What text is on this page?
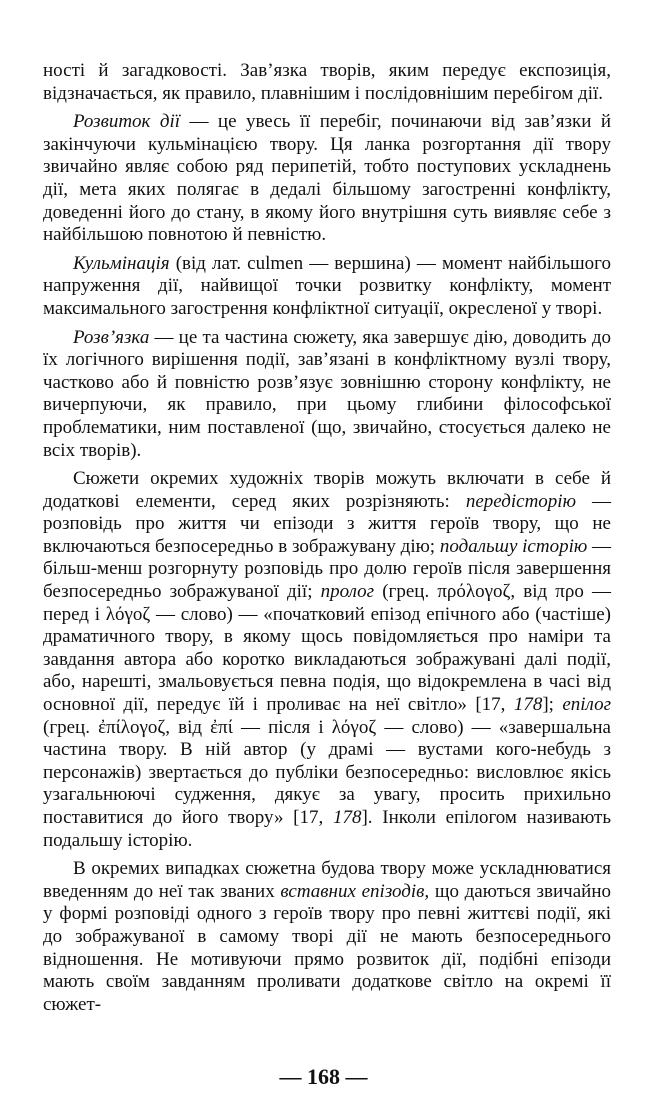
ності й загадковості. Зав’язка творів, яким передує експозиція, відзначається, як правило, плавнішим і послідовнішим перебігом дії.

Розвиток дії — це увесь її перебіг, починаючи від зав’язки й закінчуючи кульмінацією твору. Ця ланка розгортання дії твору звичайно являє собою ряд перипетій, тобто поступових ускладнень дії, мета яких полягає в дедалі більшому загостренні конфлікту, доведенні його до стану, в якому його внутрішня суть виявляє себе з найбільшою повнотою й певністю.

Кульмінація (від лат. culmen — вершина) — момент найбільшого напруження дії, найвищої точки розвитку конфлікту, момент максимального загострення конфліктної ситуації, окресленої у творі.

Розв’язка — це та частина сюжету, яка завершує дію, доводить до їх логічного вирішення події, зав’язані в конфліктному вузлі твору, частково або й повністю розв’язує зовнішню сторону конфлікту, не вичерпуючи, як правило, при цьому глибини філософської проблематики, ним поставленої (що, звичайно, стосується далеко не всіх творів).

Сюжети окремих художніх творів можуть включати в себе й додаткові елементи, серед яких розрізняють: передісторію — розповідь про життя чи епізоди з життя героїв твору, що не включаються безпосередньо в зображувану дію; подальшу історію — більш-менш розгорнуту розповідь про долю героїв після завершення безпосередньо зображуваної дії; пролог (грец. πρόλογοζ, від πρo — перед і λόγοζ — слово) — «початковий епізод епічного або (частіше) драматичного твору, в якому щось повідомляється про наміри та завдання автора або коротко викладаються зображувані далі події, або, нарешті, змальовується певна подія, що відокремлена в часі від основної дії, передує їй і проливає на неї світло» [17, 178]; епілог (грец. ἐπίλογοζ, від ἐπί — після і λόγοζ — слово) — «завершальна частина твору. В ній автор (у драмі — вустами кого-небудь з персонажів) звертається до публіки безпосередньо: висловлює якісь узагальнюючі судження, дякує за увагу, просить прихильно поставитися до його твору» [17, 178]. Інколи епілогом називають подальшу історію.

В окремих випадках сюжетна будова твору може ускладнюватися введенням до неї так званих вставних епізодів, що даються звичайно у формі розповіді одного з героїв твору про певні життєві події, які до зображуваної в самому творі дії не мають безпосереднього відношення. Не мотивуючи прямо розвиток дії, подібні епізоди мають своїм завданням проливати додаткове світло на окремі її сюжет-

— 168 —
